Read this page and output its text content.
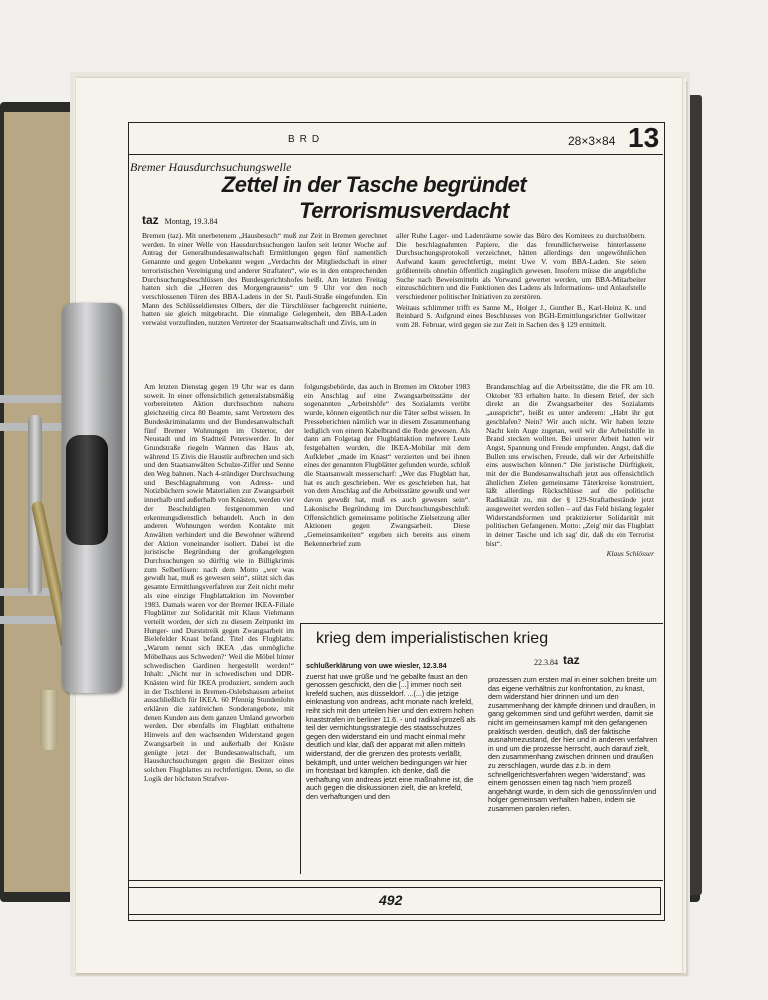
BRD	28×3×84 13
Bremer Hausdurchsuchungswelle
Zettel in der Tasche begründet
Terrorismusverdacht
taz Montag, 19.3.84

Bremen (taz). Mit unerbetenem „Hausbesuch“ muß zur Zeit in Bremen gerechnet werden. In einer Welle von Hausdurchsuchungen laufen seit letzter Woche auf Antrag der Generalbundesanwaltschaft Ermittlungen gegen fünf namentlich Genannte und gegen Unbekannt wegen „Verdachts der Mitgliedschaft in einer terroristischen Vereinigung und anderer Straftaten“, wie es in den entsprechenden Durchsuchungsbeschlüssen des Bundesgerichtshofes heißt. Am letzten Freitag hatten sich die „Herren des Morgengrauens“ um 9 Uhr vor den noch verschlossenen Türen des BBA-Ladens in der St. Pauli-Straße eingefunden. Ein Mann des Schlüsseldienstes Olbers, der die Türschlösser fachgerecht ruinierte, hatten sie gleich mitgebracht. Die einmalige Gelegenheit, den BBA-Laden verwaist vorzufinden, nutzten Vertreter der Staatsanwaltschaft und Zivis, um in

aller Ruhe Lager- und Ladenräume sowie das Büro des Komitees zu durchstöbern. Die beschlagnahmten Papiere, die das freundlicherweise hinterlassene Durchsuchungsprotokoll verzeichnet, hätten allerdings den ungewöhnlichen Aufwand kaum gerechtfertigt, meint Uwe V. vom BBA-Laden. Sie seien größtenteils ohnehin öffentlich zugänglich gewesen. Insofern müsse die angebliche Suche nach Beweismitteln als Vorwand gewertet werden, um BBA-Mitarbeiter einzuschüchtern und die Funktionen des Ladens als Informations- und Anlaufstelle verschiedener politischer Initiativen zu zerstören.

Weitaus schlimmer trifft es Sanne M., Holger J., Gunther B., Karl-Heinz K. und Reinhard S. Aufgrund eines Beschlusses von BGH-Ermittlungsrichter Gollwitzer vom 28. Februar, wird gegen sie zur Zeit in Sachen des § 129 ermittelt.

Am letzten Dienstag gegen 19 Uhr war es dann soweit. In einer offensichtlich generalstabsmäßig vorbereiteten Aktion durchsuchten nahezu gleichzeitig circa 80 Beamte, samt Vertretern des Bundeskriminalamts und der Bundesanwaltschaft fünf Bremer Wohnungen im Ostertor, der Neustadt und im Stadtteil Peterswerder. In der Grundstraße riegeln Wannen das Haus ab, während 15 Zivis die Haustür aufbrechen und sich und den Staatsanwälten Schulze-Ziffer und Senne den Weg bahnen. Nach 4-stündiger Durchsuchung und Beschlagnahmung von Adress- und Notizbüchern sowie Materialien zur Zwangsarbeit innerhalb und außerhalb von Knästen, werden vier der Beschuldigten festgenommen und erkennungsdienstlich behandelt. Auch in den anderen Wohnungen werden Kontakte mit Anwälten verhindert und die Bewohner während der Aktion voneinander isoliert. Dabei ist die juristische Begründung der großangelegten Durchsuchungen so dürftig wie in Billigkrimis zum Selberlösen: nach dem Motto „wer was gewußt hat, muß es gewesen sein“, stützt sich das gesamte Ermittlungsverfahren zur Zeit nicht mehr als eine einzige Flugblattaktion im November 1983. Damals waren vor der Bremer IKEA-Filiale Flugblätter zur Solidarität mit Klaus Viehmann verteilt worden, der sich zu diesem Zeitpunkt im Hunger- und Durststreik gegen Zwangsarbeit im Bielefelder Knast befand. Titel des Flugblatts: „Warum nennt sich IKEA ‚das unmögliche Möbelhaus aus Schweden?‘ Weil die Möbel hinter schwedischen Gardinen hergestellt werden!“ Inhalt: „Nicht nur in schwedischen und DDR-Knästen wird für IKEA produziert, sondern auch in der Tischlerei in Bremen-Oslebshausen arbeitet ausschließlich für IKEA. 60 Pfennig Stundenlohn erklären die zahlreichen Sonderangebote, mit denen Kunden aus dem ganzen Umland geworben werden. Der ebenfalls im Flugblatt enthaltene Hinweis auf den wachsenden Widerstand gegen Zwangsarbeit in und außerhalb der Knäste genügte jetzt der Bundesanwaltschaft, um Hausdurchsuchungen gegen die Besitzer eines solchen Flugblattes zu rechtfertigen. Denn, so die Logik der höchsten Strafver-

folgungsbehörde, das auch in Bremen im Oktober 1983 ein Anschlag auf eine Zwangsarbeitsstätte der sogenannten „Arbeitshöfe“ des Sozialamts verübt wurde, können eigentlich nur die Täter selbst wissen. In Presseberichten nämlich war in diesem Zusammenhang lediglich von einem Kabelbrand die Rede gewesen. Als dann am Folgetag der Flugblattaktion mehrere Leute festgehalten wurden, die IKEA-Mobilar mit dem Aufkleber „made im Knast“ verzierten und bei ihnen eines der genannten Flugblätter gefunden wurde, schloß die Staatsanwalt messerscharf: „Wer das Flugblatt hat, hat es auch geschrieben. Wer es geschrieben hat, hat von dem Anschlag auf die Arbeitsstätte gewußt und wer davon gewußt hat, muß es auch gewesen sein“. Lakonische Begründung im Durchsuchungsbeschluß: Offensichtlich gemeinsame politische Zielsetzung aller Aktionen gegen Zwangsarbeit. Diese „Gemeinsamkeiten“ ergeben sich bereits aus einem Bekennerbrief zum

Brandanschlag auf die Arbeitsstätte, die die FR am 10. Oktober '83 erhalten hatte. In diesem Brief, der sich direkt an die Zwangsarbeiter des Sozialamts „ausspricht“, heißt es unter anderem: „Habt ihr gut geschlafen? Nein? Wir auch nicht. Wir haben letzte Nacht kein Auge zugetan, weil wir die Arbeitshilfe in Brand stecken wollten. Bei unserer Arbeit hatten wir Angst, Spannung und Freude empfunden. Angst, daß die Bullen uns erwischen, Freude, daß wir der Arbeitshilfe eins auswischen können.“ Die juristische Dürftigkeit, mit der die Bundesanwaltschaft jetzt aus offensichtlich ähnlichen Zielen gemeinsame Täterkreise konstruiert, läßt allerdings Rückschlüsse auf die politische Radikalität zu, mit der § 129-Straftatbestände jetzt ausgeweitet werden sollen – auf das Feld bislang legaler Widerstandsformen und praktizierter Solidarität mit politischen Gefangenen. Motto: „Zeig' mir das Flugblatt in deiner Tasche und ich sag' dir, daß du ein Terrorist bist“.

Klaus Schlösser

krieg dem imperialistischen krieg
22.3.84 taz

schlußerklärung von uwe wiesler, 12.3.84

zuerst hat uwe grüße und 'ne geballte faust an den genossen geschickt, den die [...] immer noch seit krefeld suchen, aus düsseldorf. ...(...) die jetzige einknastung von andreas, acht monate nach krefeld, reiht sich mit den urteilen hier und den extrem hohen knaststrafen im berliner 11.6. - und radikal-prozeß als teil der vernichtungsstrategie des staatsschutzes gegen den widerstand ein und macht einmal mehr deutlich und klar, daß der apparat mit allen mitteln widerstand, der die grenzen des protests verläßt, bekämpft, und unter welchen bedingungen wir hier im frontstaat brd kämpfen. ich denke, daß die verhaftung von andreas jetzt eine maßnahme ist, die auch gegen die diskussionen zielt, die an krefeld, den verhaftungen und den

prozessen zum ersten mal in einer solchen breite um das eigene verhältnis zur konfrontation, zu knast, dem widerstand hier drinnen und um den zusammenhang der kämpfe drinnen und draußen, in gang gekommen sind und geführt werden, damit sie nicht im gemeinsamen kampf mit den gefangenen praktisch werden. deutlich, daß der faktische ausnahmezustand, der hier und in anderen verfahren in und um die prozesse herrscht, auch darauf zielt, den zusammenhang zwischen drinnen und draußen zu zerschlagen, wurde das z.b. in dem schnellgerichtsverfahren wegen 'widerstand', was einem genossen einen tag nach 'nem prozeß angehängt wurde, in dem sich die genoss/inn/en und holger gemeinsam verhalten haben, indem sie zusammen parolen riefen.

492
